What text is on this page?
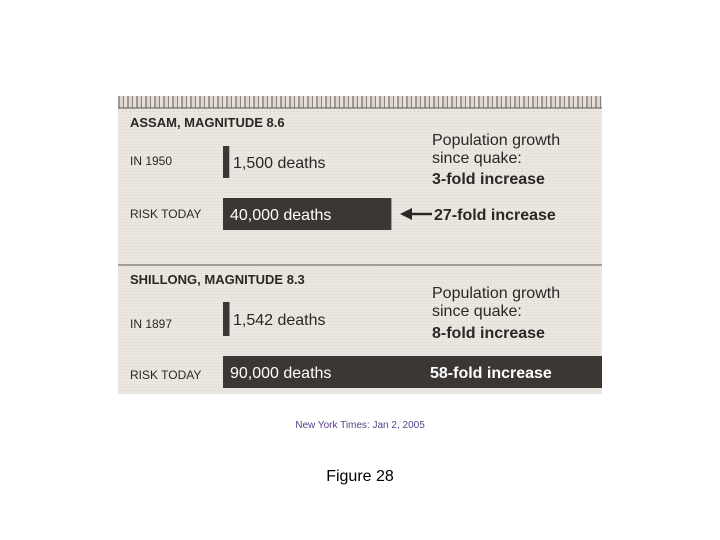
ASSAM, MAGNITUDE 8.6
IN 1950
RISK TODAY
1,500 deaths
40,000 deaths
Population growth
since quake:
3-fold increase
27-fold increase
SHILLONG, MAGNITUDE 8.3
IN 1897
RISK TODAY
1,542 deaths
90,000 deaths
Population growth
since quake:
8-fold increase
58-fold increase
New York Times: Jan 2, 2005
Figure 28
